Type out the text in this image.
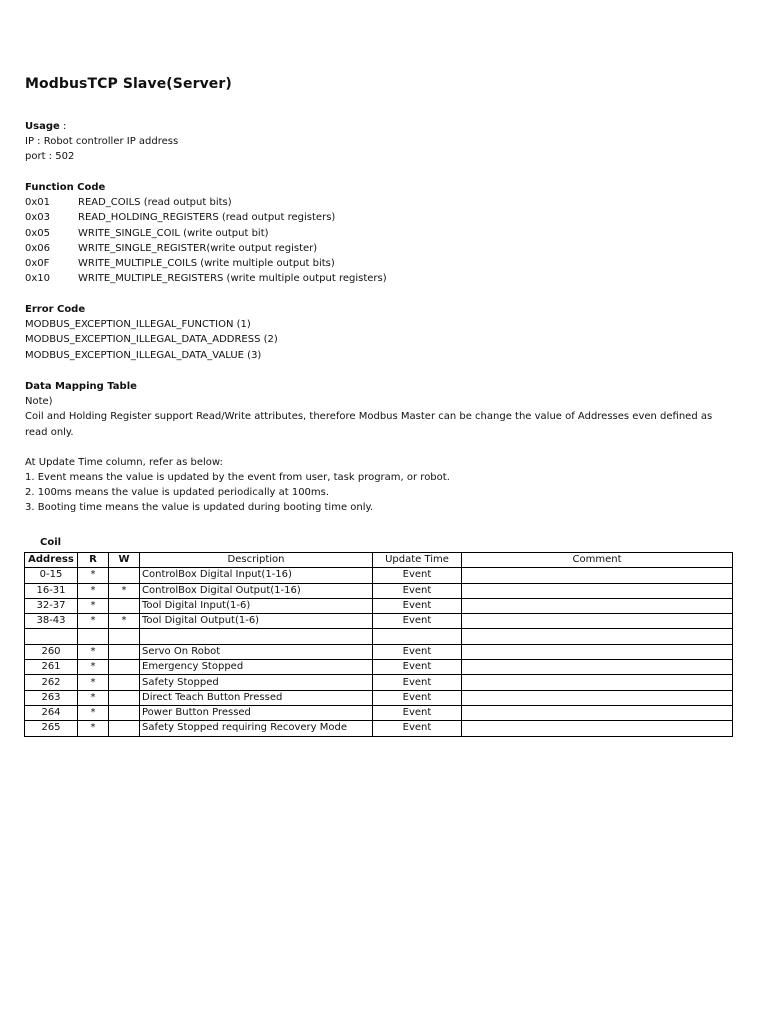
ModbusTCP Slave(Server)
Usage :
IP : Robot controller IP address
port : 502
Function Code
0x01	READ_COILS (read output bits)
0x03	READ_HOLDING_REGISTERS (read output registers)
0x05	WRITE_SINGLE_COIL (write output bit)
0x06	WRITE_SINGLE_REGISTER(write output register)
0x0F	WRITE_MULTIPLE_COILS (write multiple output bits)
0x10	WRITE_MULTIPLE_REGISTERS (write multiple output registers)
Error Code
MODBUS_EXCEPTION_ILLEGAL_FUNCTION (1)
MODBUS_EXCEPTION_ILLEGAL_DATA_ADDRESS (2)
MODBUS_EXCEPTION_ILLEGAL_DATA_VALUE (3)
Data Mapping Table
Note)
Coil and Holding Register support Read/Write attributes, therefore Modbus Master can be change the value of Addresses even defined as read only.
At Update Time column, refer as below:
1. Event means the value is updated by the event from user, task program, or robot.
2. 100ms means the value is updated periodically at 100ms.
3. Booting time means the value is updated during booting time only.
Coil
Address	R	W	Description	Update Time	Comment
0-15	*		ControlBox Digital Input(1-16)	Event	
16-31	*	*	ControlBox Digital Output(1-16)	Event	
32-37	*		Tool Digital Input(1-6)	Event	
38-43	*	*	Tool Digital Output(1-6)	Event	

260	*		Servo On Robot	Event	
261	*		Emergency Stopped	Event	
262	*		Safety Stopped	Event	
263	*		Direct Teach Button Pressed	Event	
264	*		Power Button Pressed	Event	
265	*		Safety Stopped requiring Recovery Mode	Event	
